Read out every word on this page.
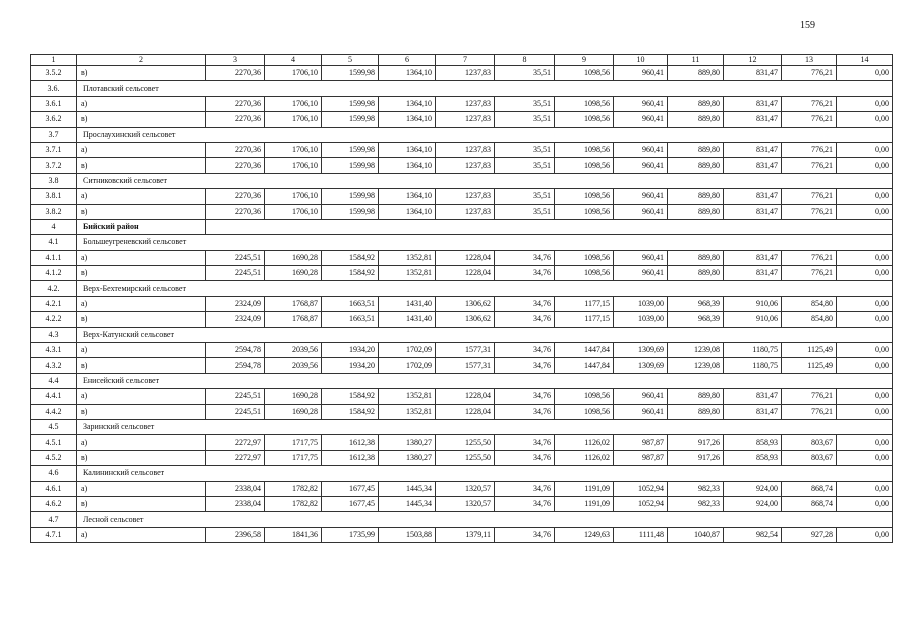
159
1	2	3	4	5	6	7	8	9	10	11	12	13	14
3.5.2	в)	2270,36	1706,10	1599,98	1364,10	1237,83	35,51	1098,56	960,41	889,80	831,47	776,21	0,00
3.6.	Плотавский сельсовет												
3.6.1	а)	2270,36	1706,10	1599,98	1364,10	1237,83	35,51	1098,56	960,41	889,80	831,47	776,21	0,00
3.6.2	в)	2270,36	1706,10	1599,98	1364,10	1237,83	35,51	1098,56	960,41	889,80	831,47	776,21	0,00
3.7	Прослаухинский сельсовет												
3.7.1	а)	2270,36	1706,10	1599,98	1364,10	1237,83	35,51	1098,56	960,41	889,80	831,47	776,21	0,00
3.7.2	в)	2270,36	1706,10	1599,98	1364,10	1237,83	35,51	1098,56	960,41	889,80	831,47	776,21	0,00
3.8	Ситниковский сельсовет												
3.8.1	а)	2270,36	1706,10	1599,98	1364,10	1237,83	35,51	1098,56	960,41	889,80	831,47	776,21	0,00
3.8.2	в)	2270,36	1706,10	1599,98	1364,10	1237,83	35,51	1098,56	960,41	889,80	831,47	776,21	0,00
4	Бийский район												
4.1	Большеугреневский сельсовет												
4.1.1	а)	2245,51	1690,28	1584,92	1352,81	1228,04	34,76	1098,56	960,41	889,80	831,47	776,21	0,00
4.1.2	в)	2245,51	1690,28	1584,92	1352,81	1228,04	34,76	1098,56	960,41	889,80	831,47	776,21	0,00
4.2.	Верх-Бехтемирский сельсовет												
4.2.1	а)	2324,09	1768,87	1663,51	1431,40	1306,62	34,76	1177,15	1039,00	968,39	910,06	854,80	0,00
4.2.2	в)	2324,09	1768,87	1663,51	1431,40	1306,62	34,76	1177,15	1039,00	968,39	910,06	854,80	0,00
4.3	Верх-Катунский сельсовет												
4.3.1	а)	2594,78	2039,56	1934,20	1702,09	1577,31	34,76	1447,84	1309,69	1239,08	1180,75	1125,49	0,00
4.3.2	в)	2594,78	2039,56	1934,20	1702,09	1577,31	34,76	1447,84	1309,69	1239,08	1180,75	1125,49	0,00
4.4	Енисейский сельсовет												
4.4.1	а)	2245,51	1690,28	1584,92	1352,81	1228,04	34,76	1098,56	960,41	889,80	831,47	776,21	0,00
4.4.2	в)	2245,51	1690,28	1584,92	1352,81	1228,04	34,76	1098,56	960,41	889,80	831,47	776,21	0,00
4.5	Заринский сельсовет												
4.5.1	а)	2272,97	1717,75	1612,38	1380,27	1255,50	34,76	1126,02	987,87	917,26	858,93	803,67	0,00
4.5.2	в)	2272,97	1717,75	1612,38	1380,27	1255,50	34,76	1126,02	987,87	917,26	858,93	803,67	0,00
4.6	Калининский сельсовет												
4.6.1	а)	2338,04	1782,82	1677,45	1445,34	1320,57	34,76	1191,09	1052,94	982,33	924,00	868,74	0,00
4.6.2	в)	2338,04	1782,82	1677,45	1445,34	1320,57	34,76	1191,09	1052,94	982,33	924,00	868,74	0,00
4.7	Лесной сельсовет												
4.7.1	а)	2396,58	1841,36	1735,99	1503,88	1379,11	34,76	1249,63	1111,48	1040,87	982,54	927,28	0,00
